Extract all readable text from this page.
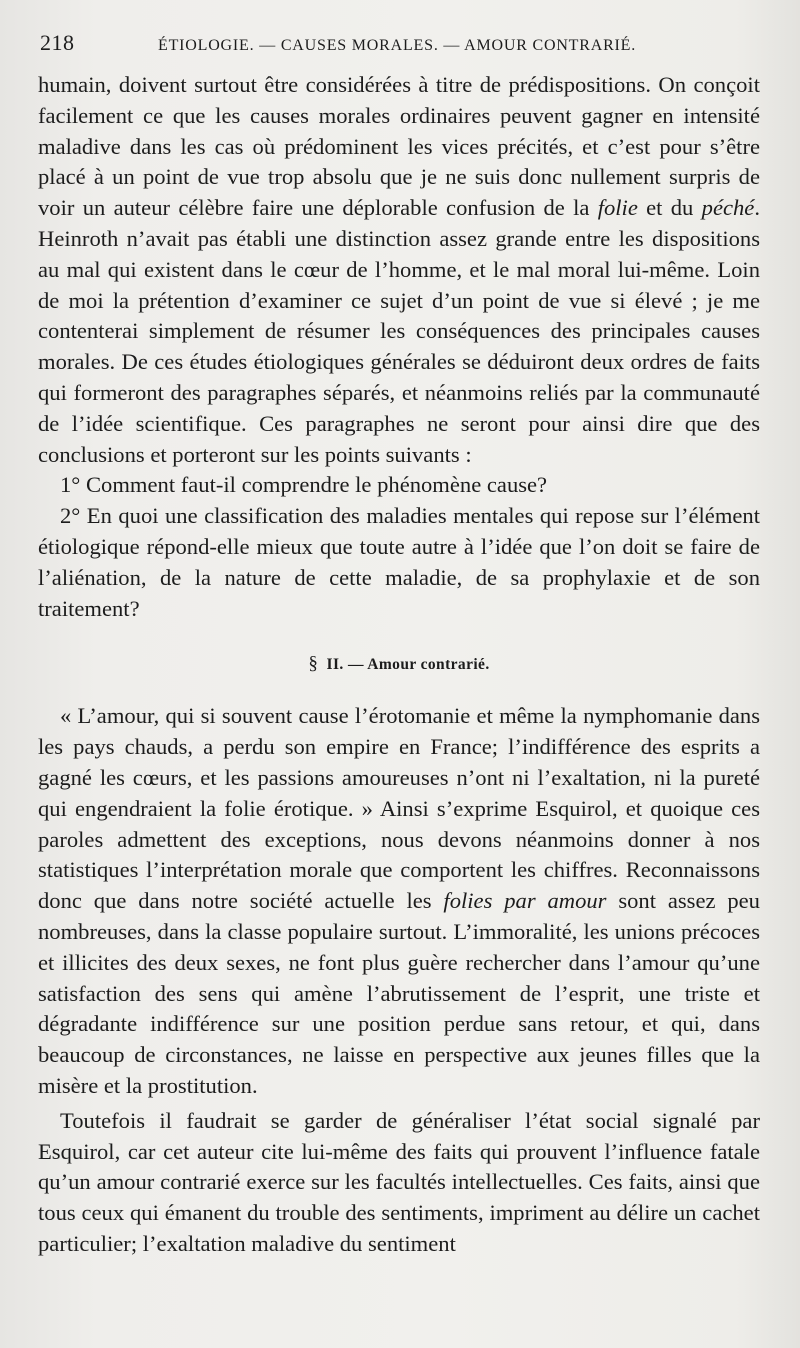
218	ÉTIOLOGIE. — CAUSES MORALES. — AMOUR CONTRARIÉ.

humain, doivent surtout être considérées à titre de prédispositions. On conçoit facilement ce que les causes morales ordinaires peuvent gagner en intensité maladive dans les cas où prédominent les vices précités, et c’est pour s’être placé à un point de vue trop absolu que je ne suis donc nullement surpris de voir un auteur célèbre faire une déplorable confusion de la folie et du péché. Heinroth n’avait pas établi une distinction assez grande entre les dispositions au mal qui existent dans le cœur de l’homme, et le mal moral lui-même. Loin de moi la prétention d’examiner ce sujet d’un point de vue si élevé ; je me contenterai simplement de résumer les conséquences des principales causes morales. De ces études étiologiques générales se déduiront deux ordres de faits qui formeront des paragraphes séparés, et néanmoins reliés par la communauté de l’idée scientifique. Ces paragraphes ne seront pour ainsi dire que des conclusions et porteront sur les points suivants :

1° Comment faut-il comprendre le phénomène cause?

2° En quoi une classification des maladies mentales qui repose sur l’élément étiologique répond-elle mieux que toute autre à l’idée que l’on doit se faire de l’aliénation, de la nature de cette maladie, de sa prophylaxie et de son traitement?

§ II. — Amour contrarié.

« L’amour, qui si souvent cause l’érotomanie et même la nymphomanie dans les pays chauds, a perdu son empire en France; l’indifférence des esprits a gagné les cœurs, et les passions amoureuses n’ont ni l’exaltation, ni la pureté qui engendraient la folie érotique. » Ainsi s’exprime Esquirol, et quoique ces paroles admettent des exceptions, nous devons néanmoins donner à nos statistiques l’interprétation morale que comportent les chiffres. Reconnaissons donc que dans notre société actuelle les folies par amour sont assez peu nombreuses, dans la classe populaire surtout. L’immoralité, les unions précoces et illicites des deux sexes, ne font plus guère rechercher dans l’amour qu’une satisfaction des sens qui amène l’abrutissement de l’esprit, une triste et dégradante indifférence sur une position perdue sans retour, et qui, dans beaucoup de circonstances, ne laisse en perspective aux jeunes filles que la misère et la prostitution.

Toutefois il faudrait se garder de généraliser l’état social signalé par Esquirol, car cet auteur cite lui-même des faits qui prouvent l’influence fatale qu’un amour contrarié exerce sur les facultés intellectuelles. Ces faits, ainsi que tous ceux qui émanent du trouble des sentiments, impriment au délire un cachet particulier; l’exaltation maladive du sentiment
